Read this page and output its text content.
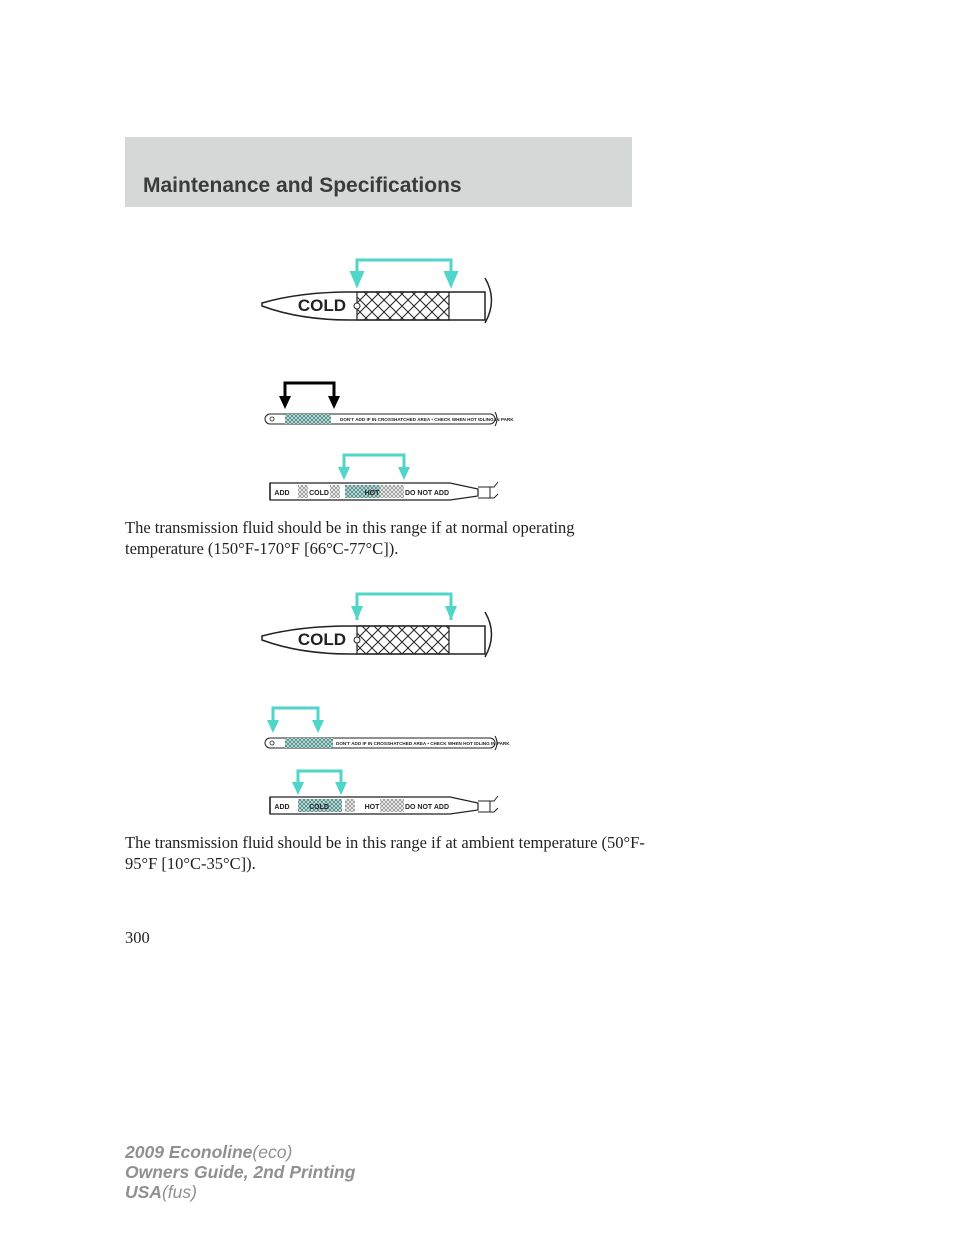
Maintenance and Specifications
COLD
DON'T ADD IF IN CROSSHATCHED AREA • CHECK WHEN HOT IDLING IN PARK
ADD	COLD	HOT	DO NOT ADD
COLD
DON'T ADD IF IN CROSSHATCHED AREA • CHECK WHEN HOT IDLING IN PARK
ADD	COLD	HOT	DO NOT ADD
The transmission fluid should be in this range if at normal operating temperature (150°F-170°F [66°C-77°C]).
The transmission fluid should be in this range if at ambient temperature (50°F-95°F [10°C-35°C]).
300
2009 Econoline(eco)
Owners Guide, 2nd Printing
USA(fus)
